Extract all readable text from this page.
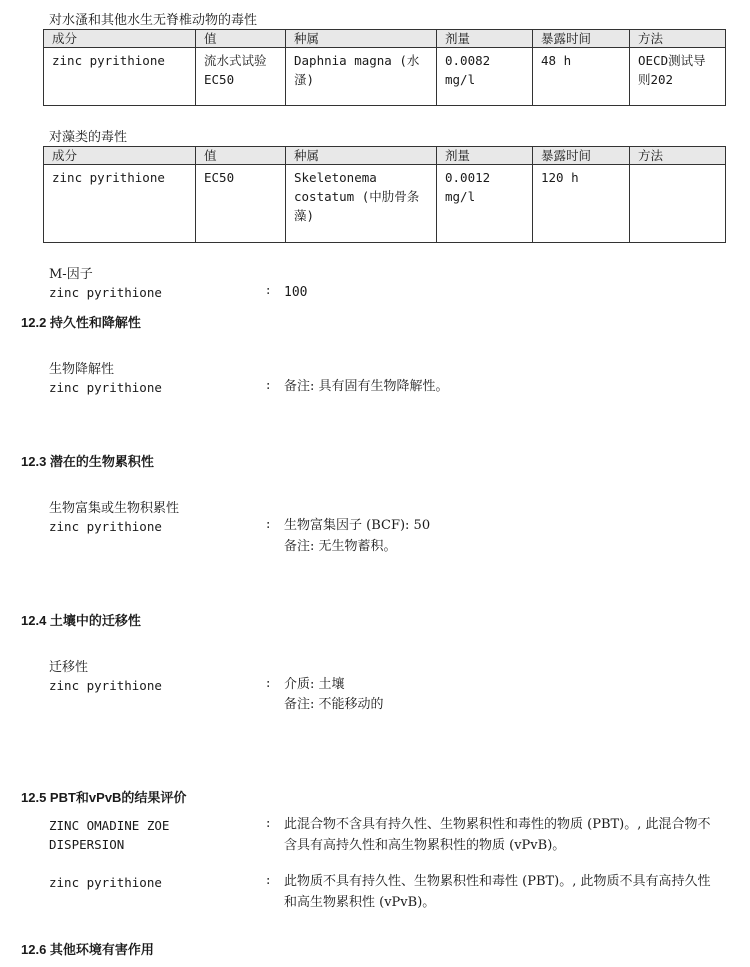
对水溞和其他水生无脊椎动物的毒性
成分	值	种属	剂量	暴露时间	方法
zinc pyrithione	流水式试验 EC50	Daphnia magna (水溞)	0.0082 mg/l	48 h	OECD测试导则202
对藻类的毒性
成分	值	种属	剂量	暴露时间	方法
zinc pyrithione	EC50	Skeletonema costatum (中肋骨条藻)	0.0012 mg/l	120 h	
M-因子
zinc pyrithione	: 100
12.2 持久性和降解性
生物降解性
zinc pyrithione	: 备注: 具有固有生物降解性。
12.3 潜在的生物累积性
生物富集或生物积累性
zinc pyrithione	: 生物富集因子 (BCF): 50
备注: 无生物蓄积。
12.4 土壤中的迁移性
迁移性
zinc pyrithione	: 介质: 土壤
备注: 不能移动的
12.5 PBT和vPvB的结果评价
ZINC OMADINE ZOE
DISPERSION
: 此混合物不含具有持久性、生物累积性和毒性的物质 (PBT)。, 此混合物不含具有高持久性和高生物累积性的物质 (vPvB)。
zinc pyrithione	: 此物质不具有持久性、生物累积性和毒性 (PBT)。, 此物质不具有高持久性和高生物累积性 (vPvB)。
12.6 其他环境有害作用
